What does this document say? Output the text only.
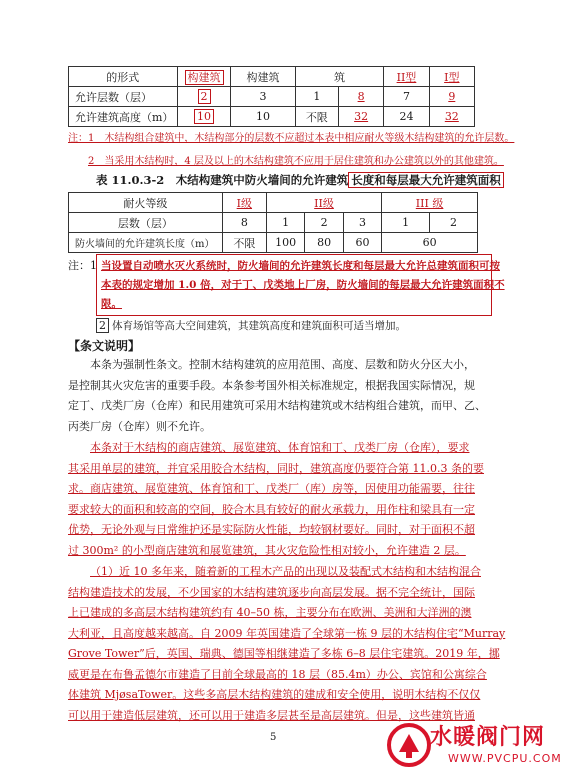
的形式	构建筑	构建筑	筑		II型	I型
允许层数（层）	2	3	1	8	7	9
允许建筑高度（m）	10	10	不限	32	24	32
注：1　木结构组合建筑中，木结构部分的层数不应超过本表中相应耐火等级木结构建筑的允许层数。
2　当采用木结构时，4 层及以上的木结构建筑不应用于居住建筑和办公建筑以外的其他建筑。
表 11.0.3-2　木结构建筑中防火墙间的允许建筑 长度和每层最大允许建筑面积
耐火等级	I级	II级			III 级	
层数（层）	8	1	2	3	1	2
防火墙间的允许建筑长度（m）	不限	100	80	60	60	
注：1 当设置自动喷水灭火系统时，防火墙间的允许建筑长度和每层最大允许总建筑面积可按
本表的规定增加 1.0 倍，对于丁、戊类地上厂房，防火墙间的每层最大允许建筑面积不
限。
2 体育场馆等高大空间建筑，其建筑高度和建筑面积可适当增加。
【条文说明】
本条为强制性条文。控制木结构建筑的应用范围、高度、层数和防火分区大小，
是控制其火灾危害的重要手段。本条参考国外相关标准规定，根据我国实际情况，规
定丁、戊类厂房（仓库）和民用建筑可采用木结构建筑或木结构组合建筑，而甲、乙、
丙类厂房（仓库）则不允许。
本条对于木结构的商店建筑、展览建筑、体育馆和丁、戊类厂房（仓库），要求
其采用单层的建筑，并宜采用胶合木结构，同时，建筑高度仍要符合第 11.0.3 条的要
求。商店建筑、展览建筑、体育馆和丁、戊类厂（库）房等，因使用功能需要，往往
要求较大的面积和较高的空间，胶合木具有较好的耐火承载力，用作柱和梁具有一定
优势，无论外观与日常维护还是实际防火性能，均较钢材要好。同时，对于面积不超
过 300m² 的小型商店建筑和展览建筑，其火灾危险性相对较小，允许建造 2 层。
（1）近 10 多年来，随着新的工程木产品的出现以及装配式木结构和木结构混合
结构建造技术的发展，不少国家的木结构建筑逐步向高层发展。据不完全统计，国际
上已建成的多高层木结构建筑约有 40–50 栋，主要分布在欧洲、美洲和大洋洲的澳
大利亚，且高度越来越高。自 2009 年英国建造了全球第一栋 9 层的木结构住宅“Murray
Grove Tower”后，英国、瑞典、德国等相继建造了多栋 6–8 层住宅建筑。2019 年，挪
威更是在布鲁孟德尔市建造了目前全球最高的 18 层（85.4m）办公、宾馆和公寓综合
体建筑 MjøsaTower。这些多高层木结构建筑的建成和安全使用，说明木结构不仅仅
可以用于建造低层建筑，还可以用于建造多层甚至是高层建筑。但是，这些建筑皆通
5	水暖阀门网
WWW.PVCPU.COM
